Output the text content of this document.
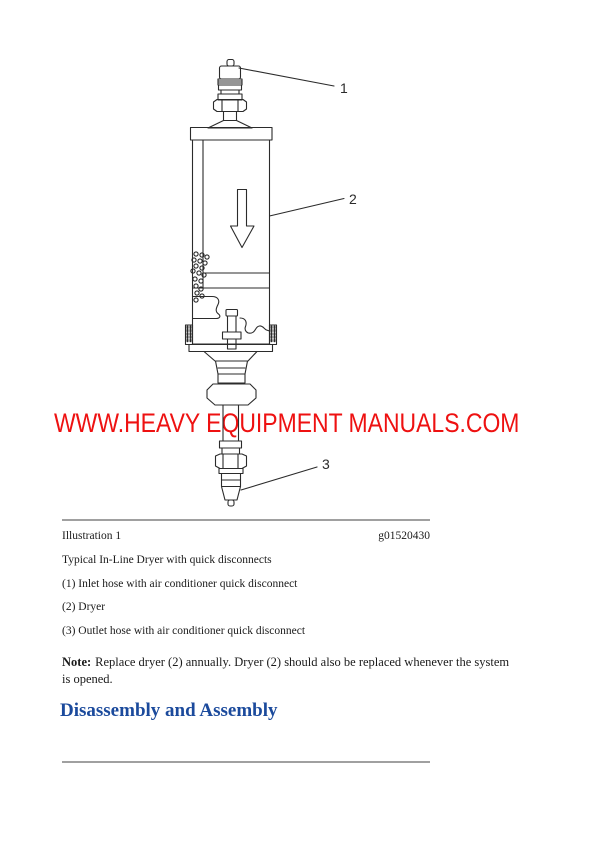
WWW.HEAVY EQUIPMENT MANUALS.COM
1
2
3
Illustration 1	g01520430
Typical In-Line Dryer with quick disconnects
(1) Inlet hose with air conditioner quick disconnect
(2) Dryer
(3) Outlet hose with air conditioner quick disconnect
Note: Replace dryer (2) annually. Dryer (2) should also be replaced whenever the system is opened.
Disassembly and Assembly
